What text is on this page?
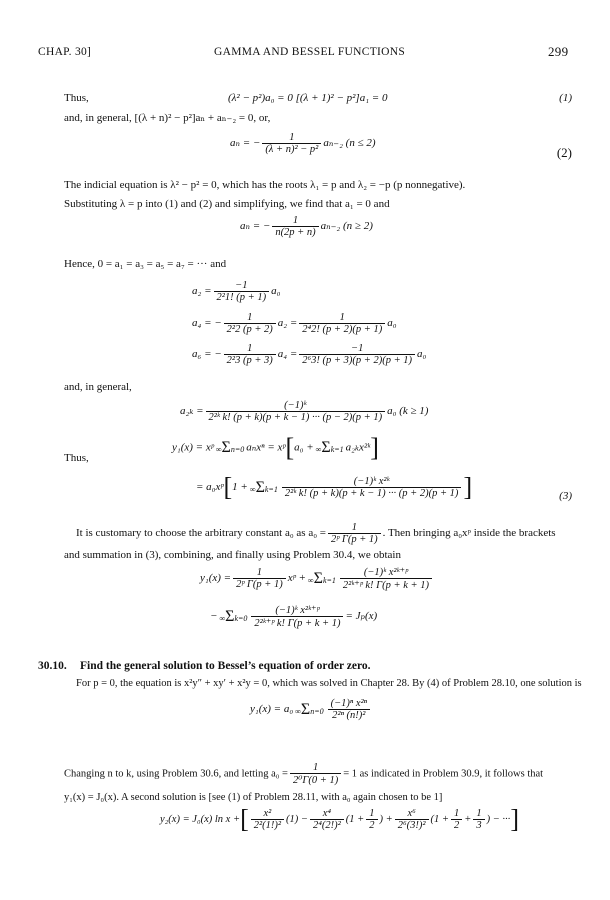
CHAP. 30]	GAMMA AND BESSEL FUNCTIONS	299
Thus,	(λ² − p²)a₀ = 0 [(λ + 1)² − p²]a₁ = 0	(1)
and, in general, [(λ + n)² − p²]aₙ + aₙ₋₂ = 0, or,
aₙ = − $\frac{1}{\text{(λ + n)² − p²}} a_{n-2}$ (n ≤ 2)
(2)
The indicial equation is λ² − p² = 0, which has the roots λ₁ = p and λ₂ = −p (p nonnegative).
Substituting λ = p into (1) and (2) and simplifying, we find that a₁ = 0 and
aₙ = − $\frac{1}{n(2p + n)} a_{n-2}$ (n ≥ 2)
Hence, 0 = a₁ = a₃ = a₅ = a₇ = ··· and
$a_2 = \frac{-1}{\text{2²1! (p + 1)}} a_0$
a₄ = − $\frac{1}{\text{2²2 (p + 2)}} a_2 = \frac{1}{\text{2⁴2! (p + 2)(p + 1)}} a_0$
a₆ = − $\frac{1}{\text{2²3 (p + 3)}} a_4 = \frac{-1}{\text{2⁶3! (p + 3)(p + 2)(p + 1)}} a_0$
and, in general,
$a_{2k} = \frac{\text{(−1)ᵏ}}{\text{2²ᵏ k! (p + k)(p + k − 1) ··· (p − 2)(p + 1)}} a_0$ (k ≥ 1)
Thus,
y₁(x) = xᵖ ∞Σn=0 aₙxⁿ = xᵖ[a₀ + ∞Σk=1 a₂ₖx²ᵏ]
= a₀xᵖ[1 + $\infty\Sigma k=1 \frac{\text{(−1)ᵏ x²ᵏ}}{\text{2²ᵏ k! (p + k)(p + k − 1) ··· (p + 2)(p + 1)}}$ ]	(3)
It is customary to choose the arbitrary constant a₀ as $a_0 = \frac{1}{\text{2ᵖ Γ(p + 1)}}$ . Then bringing a₀xᵖ inside the brackets
and summation in (3), combining, and finally using Problem 30.4, we obtain
$y_1(x) = \frac{1}{\text{2ᵖ Γ(p + 1)}}$ xᵖ + $\infty\Sigma k=1 \frac{\text{(−1)ᵏ x²ᵏ⁺ᵖ}}{\text{2²ᵏ⁺ᵖ k! Γ(p + k + 1)}}$
− $\infty\Sigma k=0 \frac{\text{(−1)ᵏ x²ᵏ⁺ᵖ}}{\text{2²ᵏ⁺ᵖ k! Γ(p + k + 1)}} = J_p(x)$
30.10. Find the general solution to Bessel’s equation of order zero.
For p = 0, the equation is x²y″ + xy′ + x²y = 0, which was solved in Chapter 28. By (4) of Problem 28.10, one solution is
y₁(x) = a₀ $\infty\Sigma n=0 \frac{\text{(−1)ⁿ x²ⁿ}}{\text{2²ⁿ (n!)²}}$
Changing n to k, using Problem 30.6, and letting $a_0 = \frac{1}{\text{2⁰Γ(0 + 1)}} = 1$ as indicated in Problem 30.9, it follows that
y₁(x) = J₀(x). A second solution is [see (1) of Problem 28.11, with a₀ again chosen to be 1]
y₂(x) = J₀(x) ln x +[ $\frac{\text{x²}}{\text{2²(1!)²}} (1) - \frac{\text{x⁴}}{\text{2⁴(2!)²}} (1 + \frac{1}{2}$ ) + $\frac{\text{x⁶}}{\text{2⁶(3!)²}} (1 + \frac{1}{2} + \frac{1}{3}$ ) − ···]
